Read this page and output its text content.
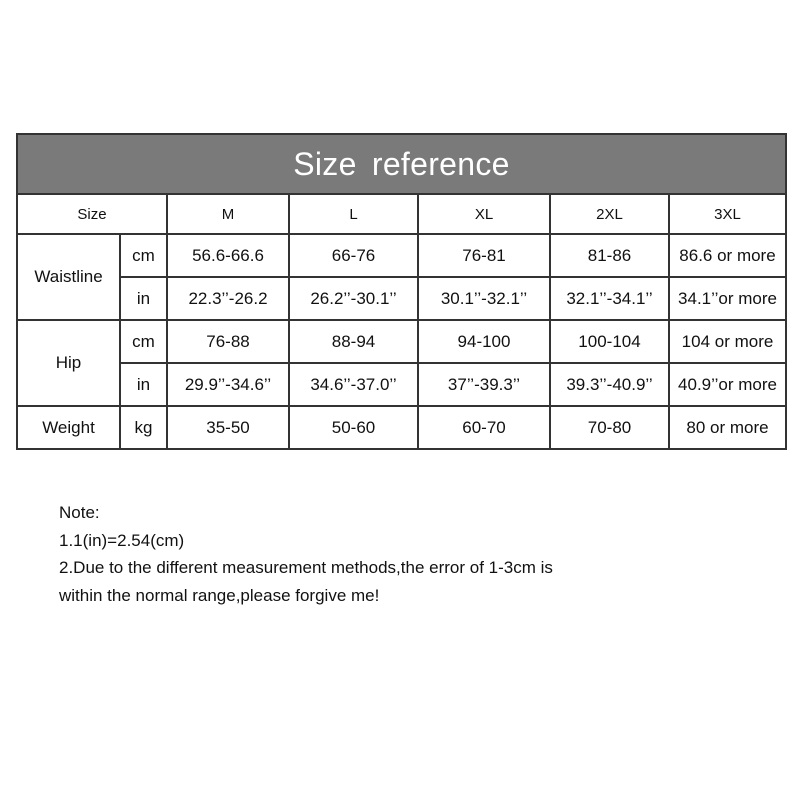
Size reference						
Size		M	L	XL	2XL	3XL
Waistline	cm	56.6-66.6	66-76	76-81	81-86	86.6 or more
	in	22.3’’-26.2	26.2’’-30.1’’	30.1’’-32.1’’	32.1’’-34.1’’	34.1’’or more
Hip	cm	76-88	88-94	94-100	100-104	104 or more
	in	29.9’’-34.6’’	34.6’’-37.0’’	37’’-39.3’’	39.3’’-40.9’’	40.9’’or more
Weight	kg	35-50	50-60	60-70	70-80	80 or more
Note:
1.1(in)=2.54(cm)
2.Due to the different measurement methods,the error of 1-3cm is
within the normal range,please forgive me!
